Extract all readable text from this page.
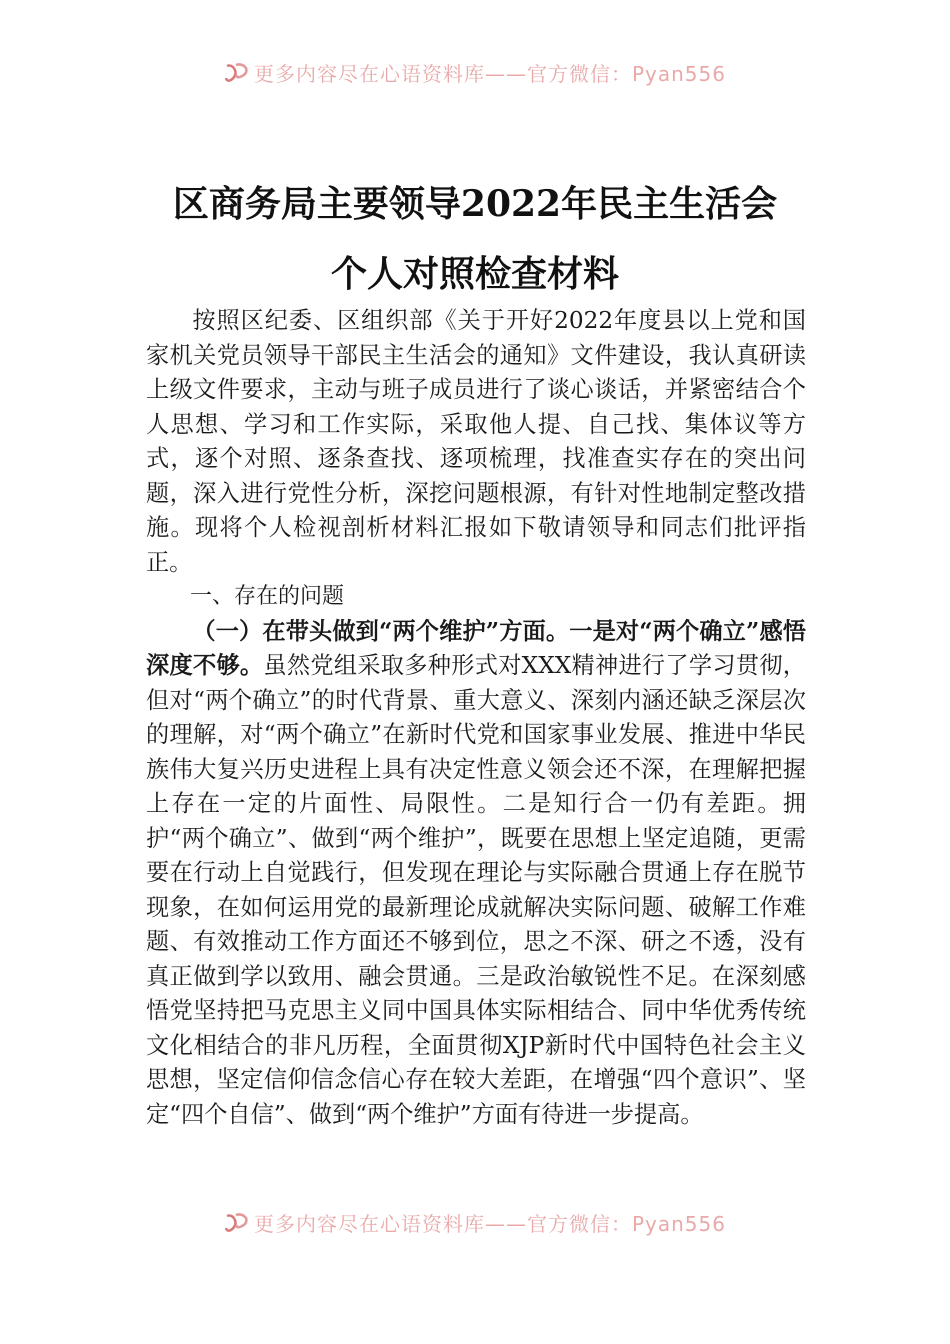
更多内容尽在心语资料库——官方微信：Pyan556
区商务局主要领导2022年民主生活会
个人对照检查材料

按照区纪委、区组织部《关于开好2022年度县以上党和国家机关党员领导干部民主生活会的通知》文件建设，我认真研读上级文件要求，主动与班子成员进行了谈心谈话，并紧密结合个人思想、学习和工作实际，采取他人提、自己找、集体议等方式，逐个对照、逐条查找、逐项梳理，找准查实存在的突出问题，深入进行党性分析，深挖问题根源，有针对性地制定整改措施。现将个人检视剖析材料汇报如下敬请领导和同志们批评指正。

一、存在的问题

（一）在带头做到“两个维护”方面。一是对“两个确立”感悟深度不够。虽然党组采取多种形式对XXX精神进行了学习贯彻，但对“两个确立”的时代背景、重大意义、深刻内涵还缺乏深层次的理解，对“两个确立”在新时代党和国家事业发展、推进中华民族伟大复兴历史进程上具有决定性意义领会还不深，在理解把握上存在一定的片面性、局限性。二是知行合一仍有差距。拥护“两个确立”、做到“两个维护”，既要在思想上坚定追随，更需要在行动上自觉践行，但发现在理论与实际融合贯通上存在脱节现象，在如何运用党的最新理论成就解决实际问题、破解工作难题、有效推动工作方面还不够到位，思之不深、研之不透，没有真正做到学以致用、融会贯通。三是政治敏锐性不足。在深刻感悟党坚持把马克思主义同中国具体实际相结合、同中华优秀传统文化相结合的非凡历程，全面贯彻XJP新时代中国特色社会主义思想，坚定信仰信念信心存在较大差距，在增强“四个意识”、坚定“四个自信”、做到“两个维护”方面有待进一步提高。

更多内容尽在心语资料库——官方微信：Pyan556
